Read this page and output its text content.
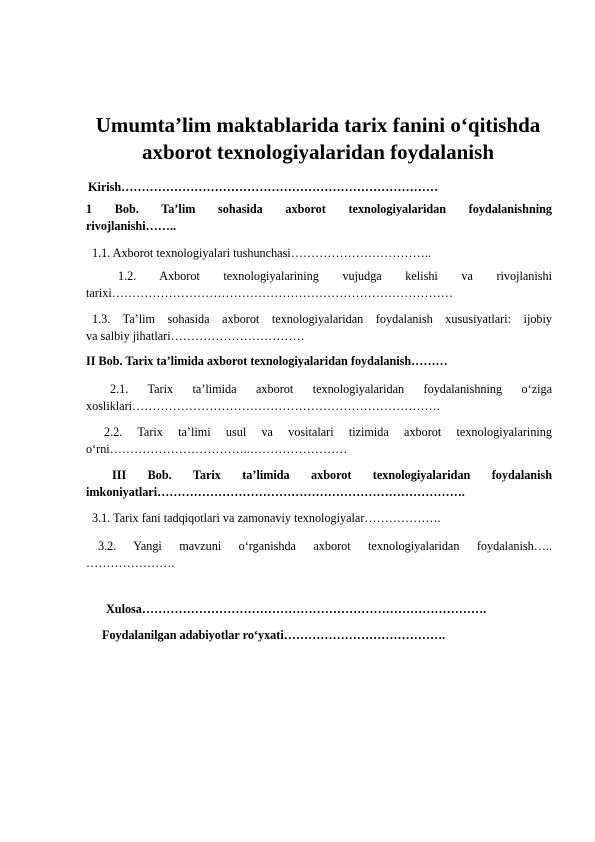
Umumta’lim maktablarida tarix fanini o‘qitishda axborot texnologiyalaridan foydalanish
Kirish……………………………………………………………………
1 Bob. Ta’lim sohasida axborot texnologiyalaridan foydalanishning
rivojlanishi……..
1.1. Axborot texnologiyalari tushunchasi……………………………..
1.2. Axborot texnologiyalarining vujudga kelishi va rivojlanishi
tarixi…………………………………………………………………………
1.3. Ta’lim sohasida axborot texnologiyalaridan foydalanish xususiyatlari: ijobiy
va salbiy jihatlari……………………………
II Bob. Tarix ta’limida axborot texnologiyalaridan foydalanish………
2.1. Tarix ta’limida axborot texnologiyalaridan foydalanishning o‘ziga
xosliklari………………………………………………………………….
2.2. Tarix ta’limi usul va vositalari tizimida axborot texnologiyalarining
o‘rni……………………………..……………………
III Bob. Tarix ta’limida axborot texnologiyalaridan foydalanish
imkoniyatlari………………………………………………………………….
3.1. Tarix fani tadqiqotlari va zamonaviy texnologiyalar……………….
3.2. Yangi mavzuni o‘rganishda axborot texnologiyalaridan foydalanish…..
………………….
Xulosa………………………………………………………………………….
Foydalanilgan adabiyotlar ro‘yxati………………………………….
